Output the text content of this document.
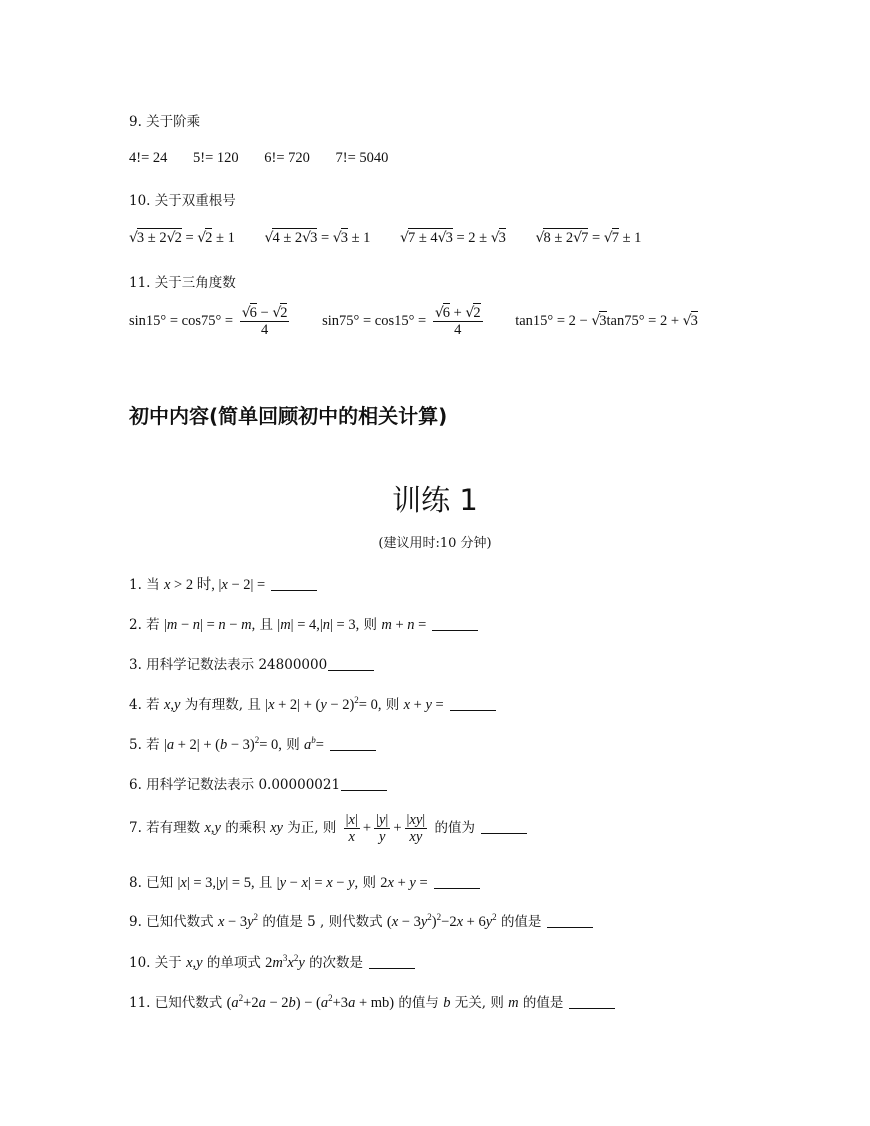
9. 关于阶乘
4!= 24 5!= 120 6!= 720 7!= 5040
10. 关于双重根号
√3 ± 2√2 = √2 ± 1 √4 ± 2√3 = √3 ± 1 √7 ± 4√3 = 2 ± √3 √8 ± 2√7 = √7 ± 1
11. 关于三角度数
$\sin 15^\circ = \cos 75^\circ = \frac{√6 - √2}{4} \sin 75^\circ = \cos 15^\circ = \frac{√6 + √2}{4} \tan 15^\circ = 2 - √3\tan 75^\circ = 2 + √3$
初中内容(简单回顾初中的相关计算)
训练 1
(建议用时:10 分钟)
1. 当 x > 2 时, |x − 2| =
2. 若 |m − n| = n − m, 且 |m| = 4,|n| = 3, 则 m + n =
3. 用科学记数法表示 24800000
4. 若 x,y 为有理数, 且 $|x + 2| + (y - 2)^2= 0$, 则 x + y =
5. 若 $|a + 2| + (b - 3)^2= 0$, 则 $a^b=$
6. 用科学记数法表示 0.00000021
7. 若有理数 x,y 的乘积 xy 为正, 则 $\frac{|x|}{x} + \frac{|y|}{y} + \frac{|xy|}{xy}$ 的值为
8. 已知 |x| = 3,|y| = 5, 且 |y − x| = x − y, 则 2x + y =
9. 已知代数式 $x - 3y^2$ 的值是 5 , 则代数式 $(x - 3y^2)^2-2x + 6y^2$ 的值是
10. 关于 x,y 的单项式 $2m^3x^2y$ 的次数是
11. 已知代数式 $(a^2+2a - 2b) - (a^2+3a + mb)$ 的值与 b 无关, 则 m 的值是
